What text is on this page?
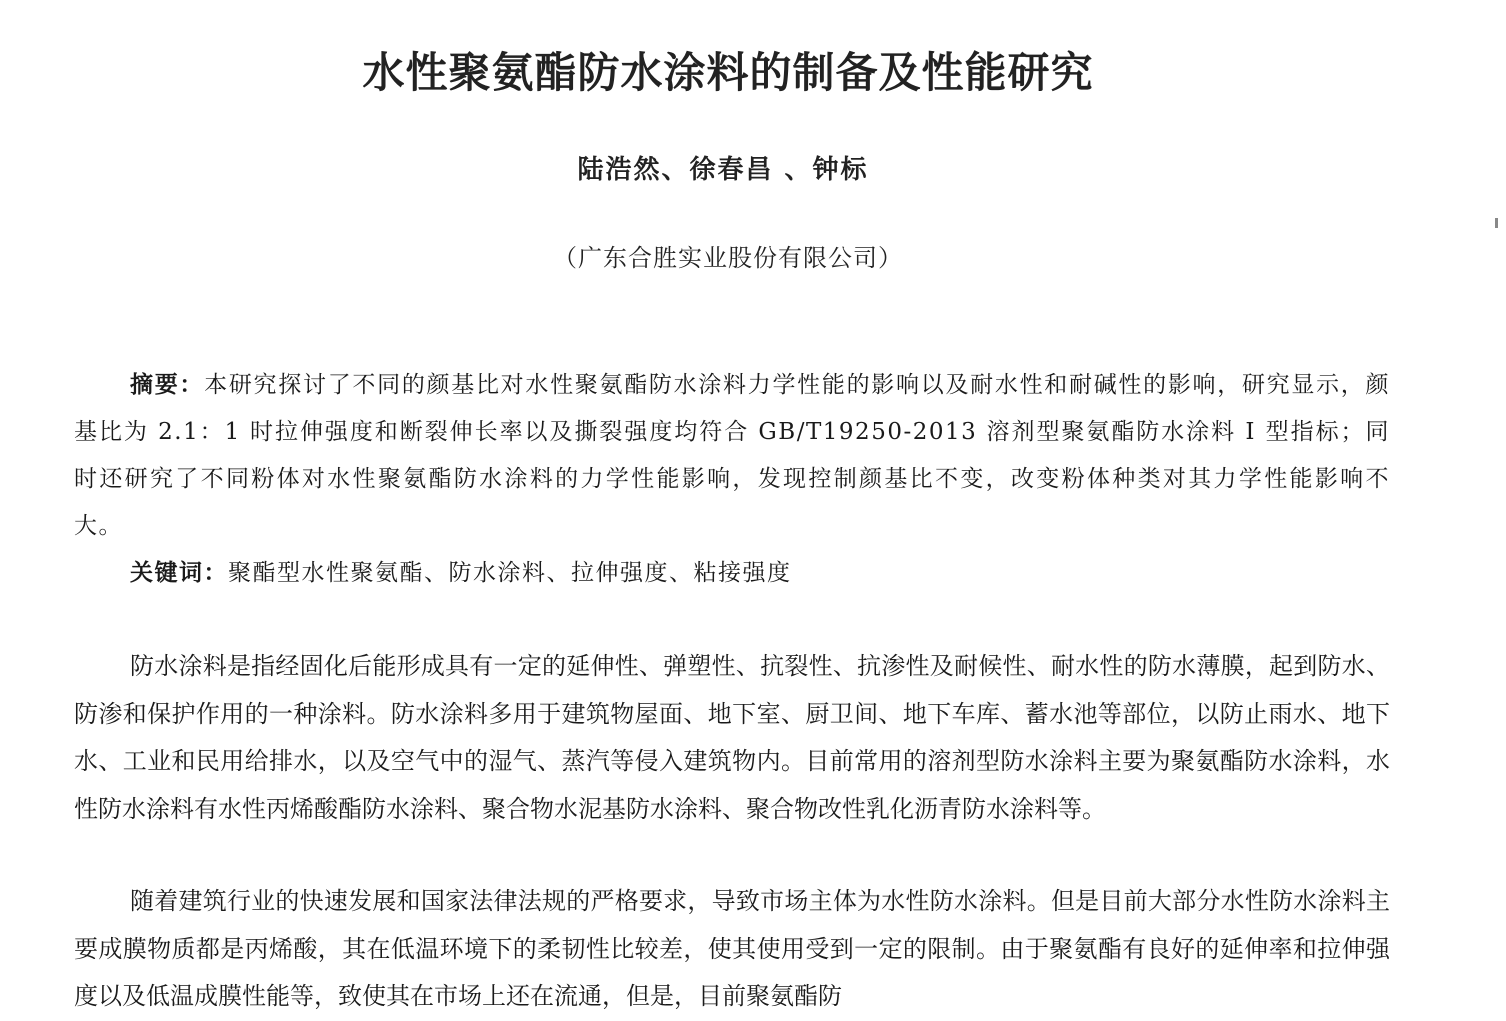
水性聚氨酯防水涂料的制备及性能研究
陆浩然、徐春昌 、钟标
（广东合胜实业股份有限公司）
摘要：本研究探讨了不同的颜基比对水性聚氨酯防水涂料力学性能的影响以及耐水性和耐碱性的影响，研究显示，颜基比为 2.1：1 时拉伸强度和断裂伸长率以及撕裂强度均符合 GB/T19250-2013 溶剂型聚氨酯防水涂料 Ⅰ 型指标；同时还研究了不同粉体对水性聚氨酯防水涂料的力学性能影响，发现控制颜基比不变，改变粉体种类对其力学性能影响不大。
关键词：聚酯型水性聚氨酯、防水涂料、拉伸强度、粘接强度
防水涂料是指经固化后能形成具有一定的延伸性、弹塑性、抗裂性、抗渗性及耐候性、耐水性的防水薄膜，起到防水、防渗和保护作用的一种涂料。防水涂料多用于建筑物屋面、地下室、厨卫间、地下车库、蓄水池等部位，以防止雨水、地下水、工业和民用给排水，以及空气中的湿气、蒸汽等侵入建筑物内。目前常用的溶剂型防水涂料主要为聚氨酯防水涂料，水性防水涂料有水性丙烯酸酯防水涂料、聚合物水泥基防水涂料、聚合物改性乳化沥青防水涂料等。
随着建筑行业的快速发展和国家法律法规的严格要求，导致市场主体为水性防水涂料。但是目前大部分水性防水涂料主要成膜物质都是丙烯酸，其在低温环境下的柔韧性比较差，使其使用受到一定的限制。由于聚氨酯有良好的延伸率和拉伸强度以及低温成膜性能等，致使其在市场上还在流通，但是，目前聚氨酯防
